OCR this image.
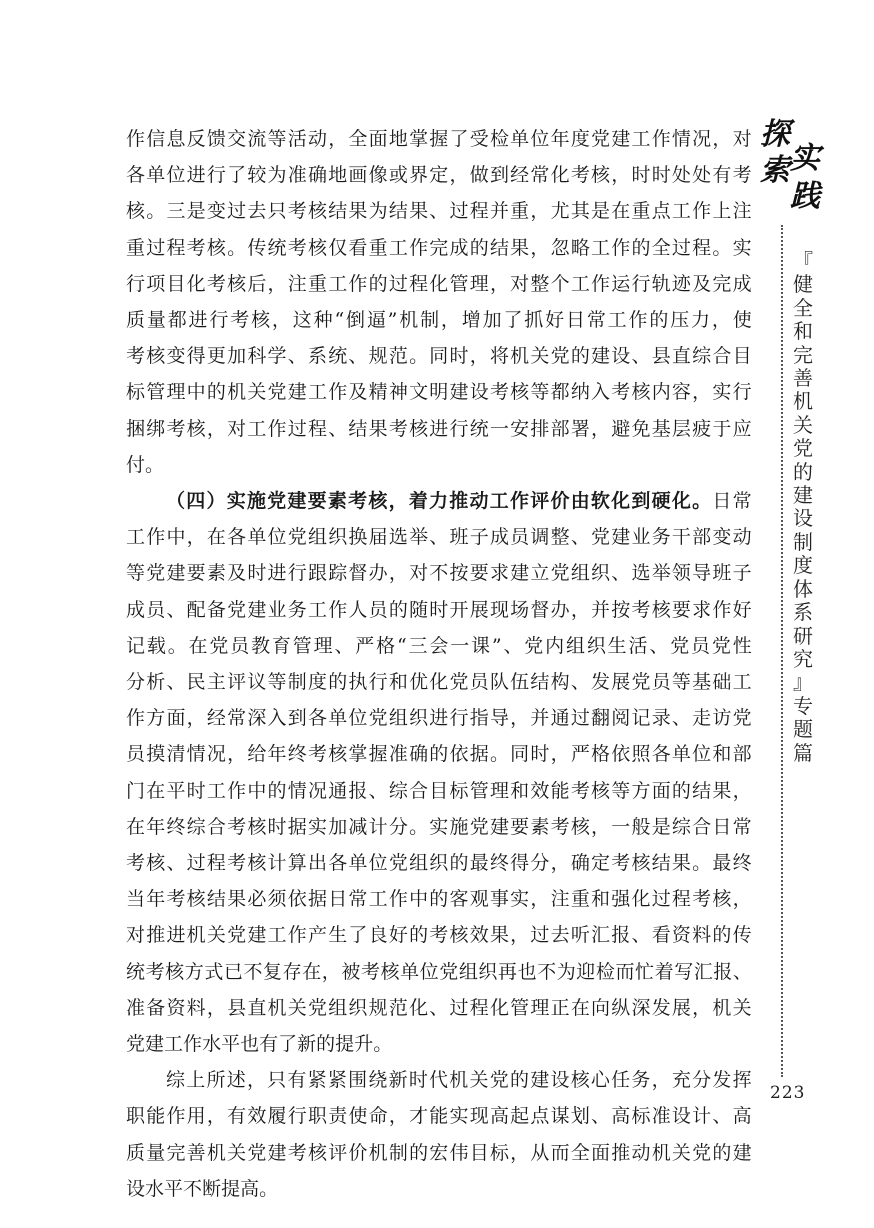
作 信 息 反 馈 交 流 等 活 动 ， 全 面 地 掌 握 了 受 检 单 位 年 度 党 建 工 作 情 况 ， 对
各 单 位 进 行 了 较 为 准 确 地 画 像 或 界 定 ， 做 到 经 常 化 考 核 ， 时 时 处 处 有 考
核 。 三 是 变 过 去 只 考 核 结 果 为 结 果 、 过 程 并 重 ， 尤 其 是 在 重 点 工 作 上 注
重 过 程 考 核 。 传 统 考 核 仅 看 重 工 作 完 成 的 结 果 ， 忽 略 工 作 的 全 过 程 。 实
行 项 目 化 考 核 后 ， 注 重 工 作 的 过 程 化 管 理 ， 对 整 个 工 作 运 行 轨 迹 及 完 成
质 量 都 进 行 考 核 ， 这 种 “ 倒 逼 ” 机 制 ， 增 加 了 抓 好 日 常 工 作 的 压 力 ， 使
考 核 变 得 更 加 科 学 、 系 统 、 规 范 。 同 时 ， 将 机 关 党 的 建 设 、 县 直 综 合 目
标 管 理 中 的 机 关 党 建 工 作 及 精 神 文 明 建 设 考 核 等 都 纳 入 考 核 内 容 ， 实 行
捆 绑 考 核 ， 对 工 作 过 程 、 结 果 考 核 进 行 统 一 安 排 部 署 ， 避 免 基 层 疲 于 应
付 。
（ 四 ） 实 施 党 建 要 素 考 核 ， 着 力 推 动 工 作 评 价 由 软 化 到 硬 化 。 日 常
工 作 中 ， 在 各 单 位 党 组 织 换 届 选 举 、 班 子 成 员 调 整 、 党 建 业 务 干 部 变 动
等 党 建 要 素 及 时 进 行 跟 踪 督 办 ， 对 不 按 要 求 建 立 党 组 织 、 选 举 领 导 班 子
成 员 、 配 备 党 建 业 务 工 作 人 员 的 随 时 开 展 现 场 督 办 ， 并 按 考 核 要 求 作 好
记 载 。 在 党 员 教 育 管 理 、 严 格 “ 三 会 一 课 ” 、 党 内 组 织 生 活 、 党 员 党 性
分 析 、 民 主 评 议 等 制 度 的 执 行 和 优 化 党 员 队 伍 结 构 、 发 展 党 员 等 基 础 工
作 方 面 ， 经 常 深 入 到 各 单 位 党 组 织 进 行 指 导 ， 并 通 过 翻 阅 记 录 、 走 访 党
员 摸 清 情 况 ， 给 年 终 考 核 掌 握 准 确 的 依 据 。 同 时 ， 严 格 依 照 各 单 位 和 部
门 在 平 时 工 作 中 的 情 况 通 报 、 综 合 目 标 管 理 和 效 能 考 核 等 方 面 的 结 果 ，
在 年 终 综 合 考 核 时 据 实 加 减 计 分 。 实 施 党 建 要 素 考 核 ， 一 般 是 综 合 日 常
考 核 、 过 程 考 核 计 算 出 各 单 位 党 组 织 的 最 终 得 分 ， 确 定 考 核 结 果 。 最 终
当 年 考 核 结 果 必 须 依 据 日 常 工 作 中 的 客 观 事 实 ， 注 重 和 强 化 过 程 考 核 ，
对 推 进 机 关 党 建 工 作 产 生 了 良 好 的 考 核 效 果 ， 过 去 听 汇 报 、 看 资 料 的 传
统 考 核 方 式 已 不 复 存 在 ， 被 考 核 单 位 党 组 织 再 也 不 为 迎 检 而 忙 着 写 汇 报 、
准 备 资 料 ， 县 直 机 关 党 组 织 规 范 化 、 过 程 化 管 理 正 在 向 纵 深 发 展 ， 机 关
党 建 工 作 水 平 也 有 了 新 的 提 升 。
综 上 所 述 ， 只 有 紧 紧 围 绕 新 时 代 机 关 党 的 建 设 核 心 任 务 ， 充 分 发 挥
职 能 作 用 ， 有 效 履 行 职 责 使 命 ， 才 能 实 现 高 起 点 谋 划 、 高 标 准 设 计 、 高
质 量 完 善 机 关 党 建 考 核 评 价 机 制 的 宏 伟 目 标 ， 从 而 全 面 推 动 机 关 党 的 建
设 水 平 不 断 提 高 。
探
索 实
践
『
健
全
和
完
善
机
关
党
的
建
设
制
度
体
系
研
究
』
专
题
篇
223
